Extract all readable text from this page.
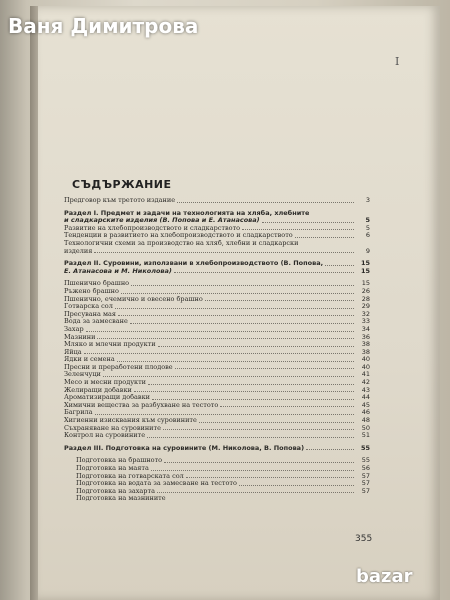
Ваня Димитрова
I
СЪДЪРЖАНИЕ
Предговор към третото издание	3
Раздел I. Предмет и задачи на технологията на хляба, хлебните
и сладкарските изделия (В. Попова и Е. Атанасова)	5
Развитие на хлебопроизводството и сладкарството	5
Тенденции в развитието на хлебопроизводството и сладкарството	6
Технологични схеми за производство на хляб, хлебни и сладкарски
изделия	9
Раздел II. Суровини, използвани в хлебопроизводството (В. Попова,	15
Е. Атанасова и М. Николова)	15
Пшенично брашно	15
Ръжено брашно	26
Пшенично, ечемично и овесено брашно	28
Готварска сол	29
Пресувана мая	32
Вода за замесване	33
Захар	34
Мазнини	36
Мляко и млечни продукти	38
Яйца	38
Ядки и семена	40
Пресни и преработени плодове	40
Зеленчуци	41
Месо и месни продукти	42
Желиращи добавки	43
Ароматизиращи добавки	44
Химични вещества за разбухване на тестото	45
Багрила	46
Хигиенни изисквания към суровините	48
Съхраняване на суровините	50
Контрол на суровините	51
Раздел III. Подготовка на суровините (М. Николова, В. Попова)	55
Подготовка на брашното	55
Подготовка на маята	56
Подготовка на готварската сол	57
Подготовка на водата за замесване на тестото	57
Подготовка на захарта	57
Подготовка на мазнините
355
bazar
